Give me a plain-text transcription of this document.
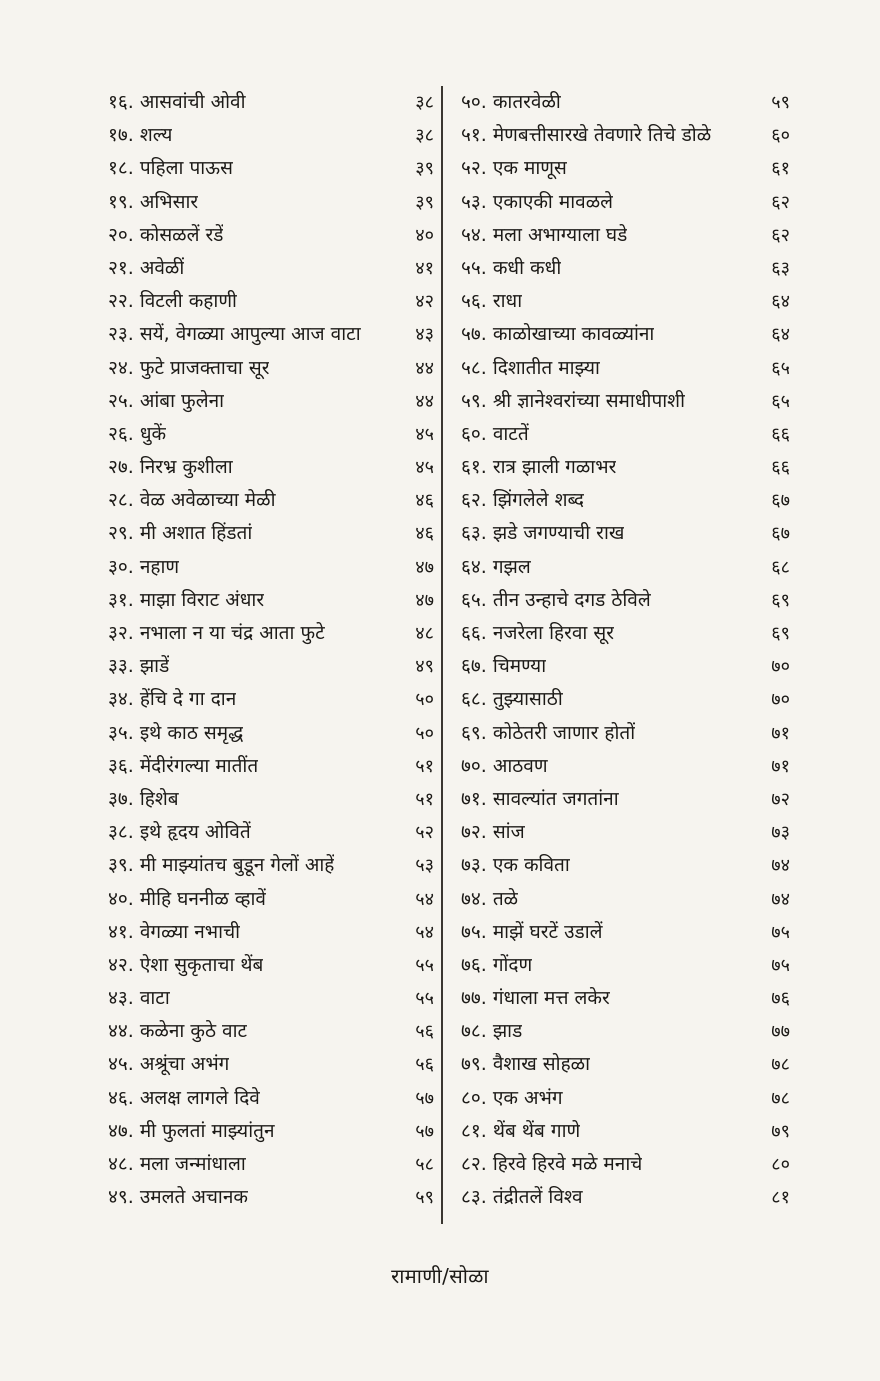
१६. आसवांची ओवी	३८
१७. शल्य	३८
१८. पहिला पाऊस	३९
१९. अभिसार	३९
२०. कोसळलें रडें	४०
२१. अवेळीं	४१
२२. विटली कहाणी	४२
२३. सयें, वेगळ्या आपुल्या आज वाटा	४३
२४. फुटे प्राजक्ताचा सूर	४४
२५. आंबा फुलेना	४४
२६. धुकें	४५
२७. निरभ्र कुशीला	४५
२८. वेळ अवेळाच्या मेळी	४६
२९. मी अशात हिंडतां	४६
३०. नहाण	४७
३१. माझा विराट अंधार	४७
३२. नभाला न या चंद्र आता फुटे	४८
३३. झाडें	४९
३४. हेंचि दे गा दान	५०
३५. इथे काठ समृद्ध	५०
३६. मेंदीरंगल्या मातींत	५१
३७. हिशेब	५१
३८. इथे हृदय ओवितें	५२
३९. मी माझ्यांतच बुडून गेलों आहें	५३
४०. मीहि घननीळ व्हावें	५४
४१. वेगळ्या नभाची	५४
४२. ऐशा सुकृताचा थेंब	५५
४३. वाटा	५५
४४. कळेना कुठे वाट	५६
४५. अश्रूंचा अभंग	५६
४६. अलक्ष लागले दिवे	५७
४७. मी फुलतां माझ्यांतुन	५७
४८. मला जन्मांधाला	५८
४९. उमलते अचानक	५९
५०. कातरवेळी	५९
५१. मेणबत्तीसारखे तेवणारे तिचे डोळे	६०
५२. एक माणूस	६१
५३. एकाएकी मावळले	६२
५४. मला अभाग्याला घडे	६२
५५. कधी कधी	६३
५६. राधा	६४
५७. काळोखाच्या कावळ्यांना	६४
५८. दिशातीत माझ्या	६५
५९. श्री ज्ञानेश्वरांच्या समाधीपाशी	६५
६०. वाटतें	६६
६१. रात्र झाली गळाभर	६६
६२. झिंगलेले शब्द	६७
६३. झडे जगण्याची राख	६७
६४. गझल	६८
६५. तीन उन्हाचे दगड ठेविले	६९
६६. नजरेला हिरवा सूर	६९
६७. चिमण्या	७०
६८. तुझ्यासाठी	७०
६९. कोठेतरी जाणार होतों	७१
७०. आठवण	७१
७१. सावल्यांत जगतांना	७२
७२. सांज	७३
७३. एक कविता	७४
७४. तळे	७४
७५. माझें घरटें उडालें	७५
७६. गोंदण	७५
७७. गंधाला मत्त लकेर	७६
७८. झाड	७७
७९. वैशाख सोहळा	७८
८०. एक अभंग	७८
८१. थेंब थेंब गाणे	७९
८२. हिरवे हिरवे मळे मनाचे	८०
८३. तंद्रीतलें विश्व	८१
रामाणी/सोळा
